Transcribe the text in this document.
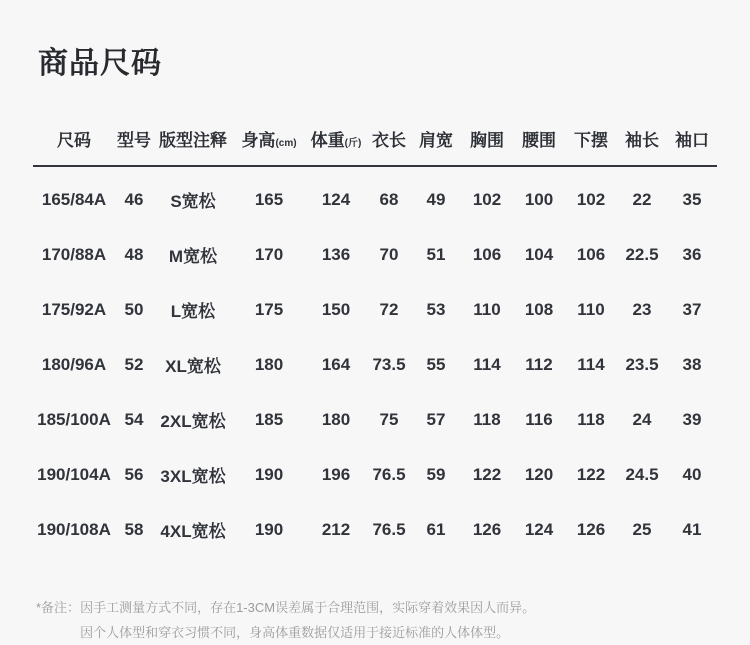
商品尺码
尺码	型号	版型注释	身高(cm)	体重(斤)	衣长	肩宽	胸围	腰围	下摆	袖长	袖口
165/84A	46	S宽松	165	124	68	49	102	100	102	22	35
170/88A	48	M宽松	170	136	70	51	106	104	106	22.5	36
175/92A	50	L宽松	175	150	72	53	110	108	110	23	37
180/96A	52	XL宽松	180	164	73.5	55	114	112	114	23.5	38
185/100A	54	2XL宽松	185	180	75	57	118	116	118	24	39
190/104A	56	3XL宽松	190	196	76.5	59	122	120	122	24.5	40
190/108A	58	4XL宽松	190	212	76.5	61	126	124	126	25	41
*备注： 因手工测量方式不同，存在1-3CM误差属于合理范围，实际穿着效果因人而异。
因个人体型和穿衣习惯不同，身高体重数据仅适用于接近标准的人体体型。
